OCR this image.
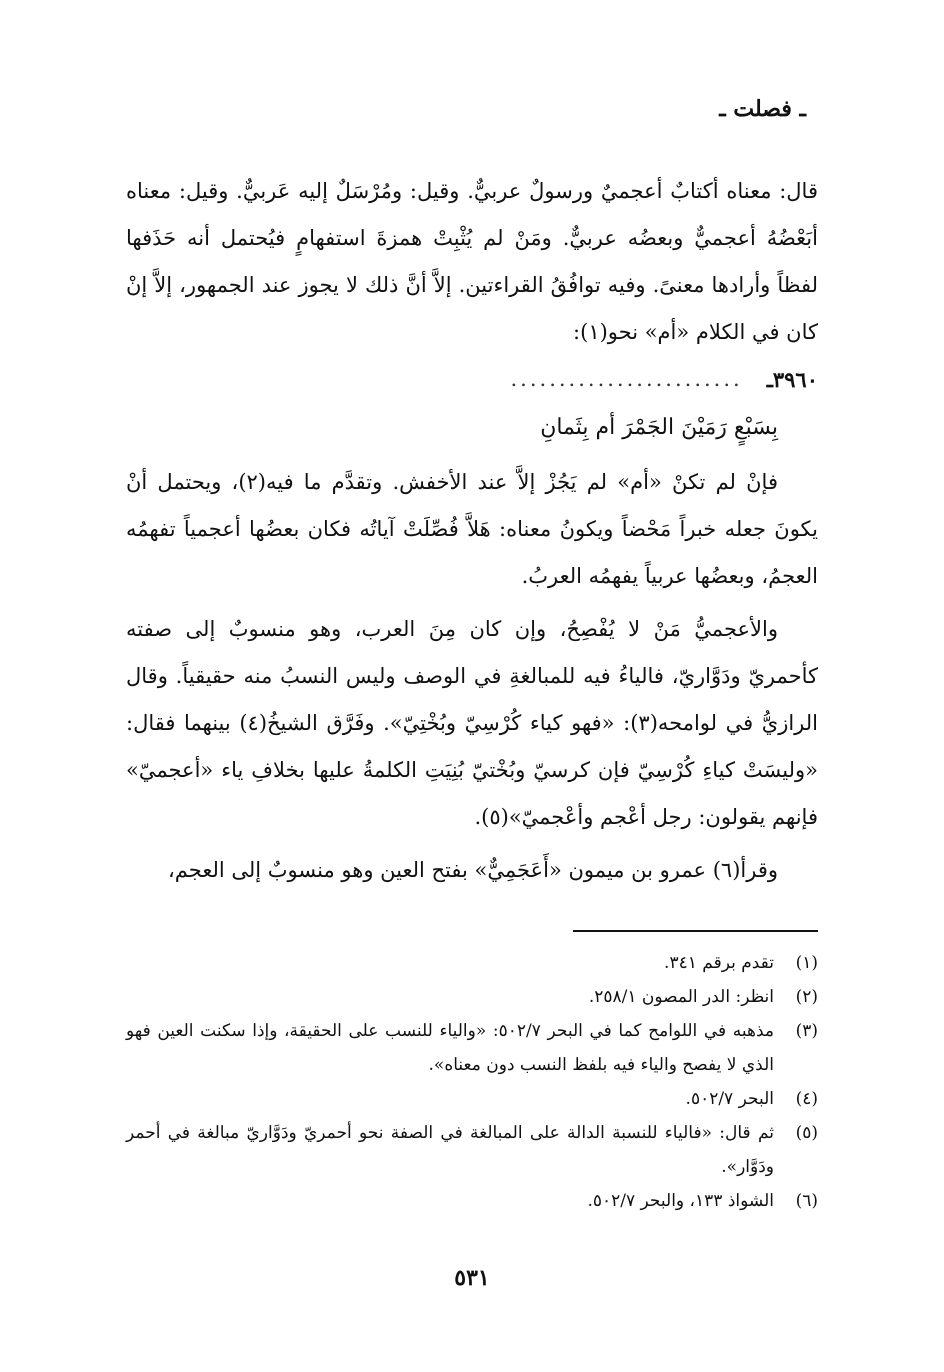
ـ فصلت ـ

قال: معناه أكتابٌ أعجميٌ ورسولٌ عربيٌّ. وقيل: ومُرْسَلٌ إليه عَربيٌّ. وقيل: معناه أبَعْضُهُ أعجميٌّ وبعضُه عربيٌّ. ومَنْ لم يُثْبِتْ همزةَ استفهامٍ فيُحتمل أنه حَذَفها لفظاً وأرادها معنىً. وفيه توافُقُ القراءتين. إلاَّ أنَّ ذلك لا يجوز عند الجمهور، إلاَّ إنْ كان في الكلام «أم» نحو(١):

٣٩٦٠ـ
........................
بِسَبْعٍ رَمَيْنَ الجَمْرَ أم بِثَمانِ

فإنْ لم تكنْ «أم» لم يَجُزْ إلاَّ عند الأخفش. وتقدَّم ما فيه(٢)، ويحتمل أنْ يكونَ جعله خبراً مَحْضاً ويكونُ معناه: هَلاَّ فُصِّلَتْ آياتُه فكان بعضُها أعجمياً تفهمُه العجمُ، وبعضُها عربياً يفهمُه العربُ.

والأعجميُّ مَنْ لا يُفْصِحُ، وإن كان مِنَ العرب، وهو منسوبٌ إلى صفته كأحمريّ ودَوَّاريّ، فالياءُ فيه للمبالغةِ في الوصف وليس النسبُ منه حقيقياً. وقال الرازيُّ في لوامحه(٣): «فهو كياء كُرْسِيّ وبُخْتِيّ». وفَرَّق الشيخُ(٤) بينهما فقال: «وليسَتْ كياءِ كُرْسِيّ فإن كرسيّ وبُخْتيّ بُنِيَتِ الكلمةُ عليها بخلافِ ياء «أعجميّ» فإنهم يقولون: رجل أعْجم وأعْجميّ»(٥).

وقرأ(٦) عمرو بن ميمون «أَعَجَمِيٌّ» بفتح العين وهو منسوبٌ إلى العجم،

(١)
تقدم برقم ٣٤١.
(٢)
انظر: الدر المصون ٢٥٨/١.
(٣)
مذهبه في اللوامح كما في البحر ٥٠٢/٧: «والياء للنسب على الحقيقة، وإذا سكنت العين فهو الذي لا يفصح والياء فيه بلفظ النسب دون معناه».
(٤)
البحر ٥٠٢/٧.
(٥)
ثم قال: «فالياء للنسبة الدالة على المبالغة في الصفة نحو أحمريّ ودَوَّاريّ مبالغة في أحمر ودَوَّار».
(٦)
الشواذ ١٣٣، والبحر ٥٠٢/٧.
٥٣١
